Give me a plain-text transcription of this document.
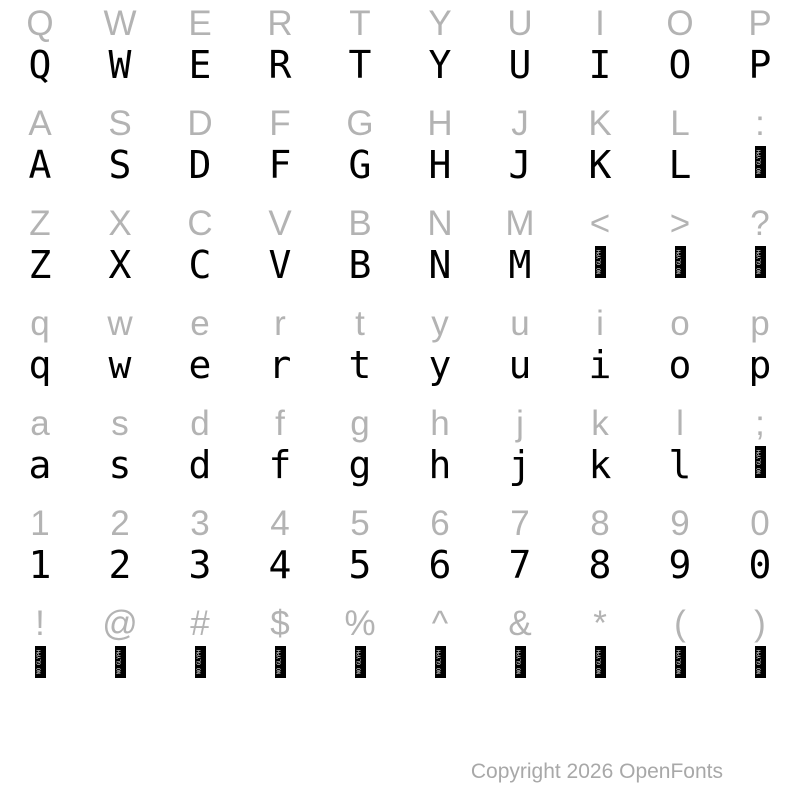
Q	W	E	R	T	Y	U	I	O	P
Q	W	E	R	T	Y	U	I	O	P
A	S	D	F	G	H	J	K	L	:
A	S	D	F	G	H	J	K	L	NO GLYPH
Z	X	C	V	B	N	M	<	>	?
Z	X	C	V	B	N	M	NO GLYPH	NO GLYPH	NO GLYPH
q	w	e	r	t	y	u	i	o	p
q	w	e	r	t	y	u	i	o	p
a	s	d	f	g	h	j	k	l	;
a	s	d	f	g	h	j	k	l	NO GLYPH
1	2	3	4	5	6	7	8	9	0
1	2	3	4	5	6	7	8	9	0
!	@	#	$	%	^	&	*	(	)
NO GLYPH	NO GLYPH	NO GLYPH	NO GLYPH	NO GLYPH	NO GLYPH	NO GLYPH	NO GLYPH	NO GLYPH	NO GLYPH
Copyright 2026 OpenFonts
